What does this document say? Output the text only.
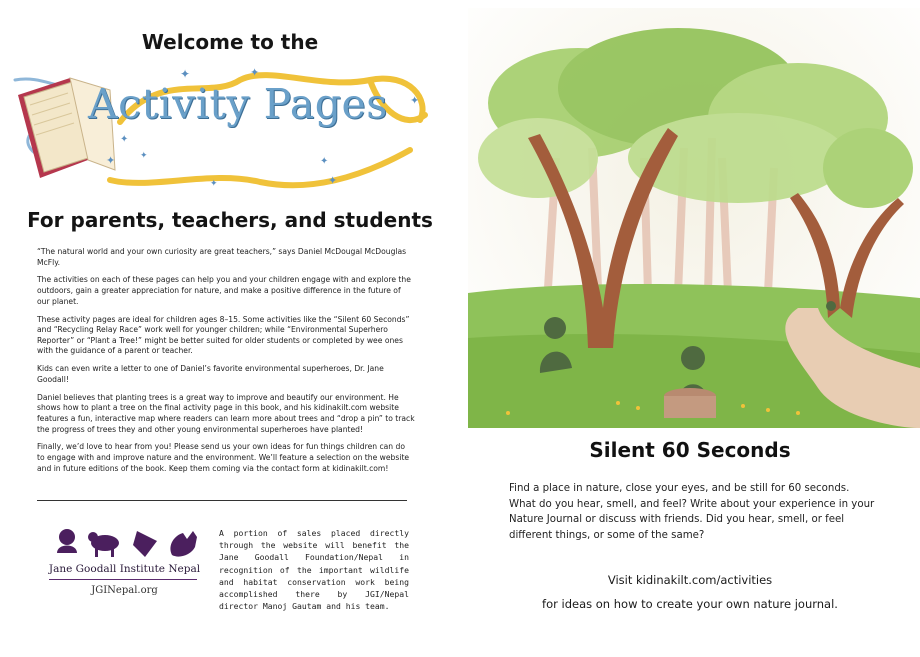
Welcome to the
✦	✦
✦
✦	✦	✦
✦
✦
✦
Activity Pages
For parents, teachers, and students

“The natural world and your own curiosity are great teachers,” says Daniel McDougal McDouglas McFly.

The activities on each of these pages can help you and your children engage with and explore the outdoors, gain a greater appreciation for nature, and make a positive difference in the future of our planet.

These activity pages are ideal for children ages 8–15. Some activities like the “Silent 60 Seconds” and “Recycling Relay Race” work well for younger children; while “Environmental Superhero Reporter” or “Plant a Tree!” might be better suited for older students or completed by wee ones with the guidance of a parent or teacher.

Kids can even write a letter to one of Daniel’s favorite environmental superheroes, Dr. Jane Goodall!

Daniel believes that planting trees is a great way to improve and beautify our environment. He shows how to plant a tree on the final activity page in this book, and his kidinakilt.com website features a fun, interactive map where readers can learn more about trees and “drop a pin” to track the progress of trees they and other young environmental superheroes have planted!

Finally, we’d love to hear from you! Please send us your own ideas for fun things children can do to engage with and improve nature and the environment. We’ll feature a selection on the website and in future editions of the book. Keep them coming via the contact form at kidinakilt.com!

Jane Goodall Institute Nepal
JGINepal.org
A portion of sales placed directly through the website will benefit the Jane Goodall Foundation/Nepal in recognition of the important wildlife and habitat conservation work being accomplished there by JGI/Nepal director Manoj Gautam and his team.
Silent 60 Seconds
Find a place in nature, close your eyes, and be still for 60 seconds. What do you hear, smell, and feel? Write about your experience in your Nature Journal or discuss with friends. Did you hear, smell, or feel different things, or some of the same?
Visit kidinakilt.com/activities
for ideas on how to create your own nature journal.
